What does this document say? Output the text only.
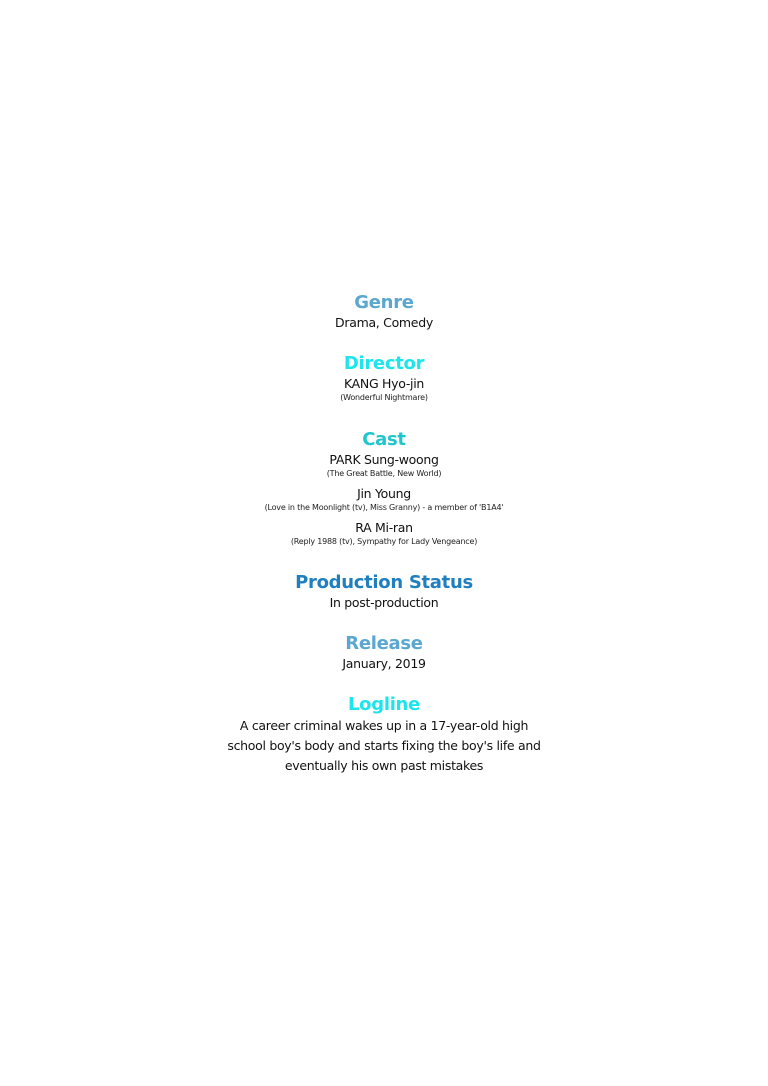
Genre

Drama, Comedy

Director

KANG Hyo-jin

(Wonderful Nightmare)

Cast

PARK Sung-woong

(The Great Battle, New World)

Jin Young

(Love in the Moonlight (tv), Miss Granny) - a member of 'B1A4'

RA Mi-ran

(Reply 1988 (tv), Sympathy for Lady Vengeance)

Production Status

In post-production

Release

January, 2019

Logline

A career criminal wakes up in a 17-year-old high school boy's body and starts fixing the boy's life and eventually his own past mistakes
